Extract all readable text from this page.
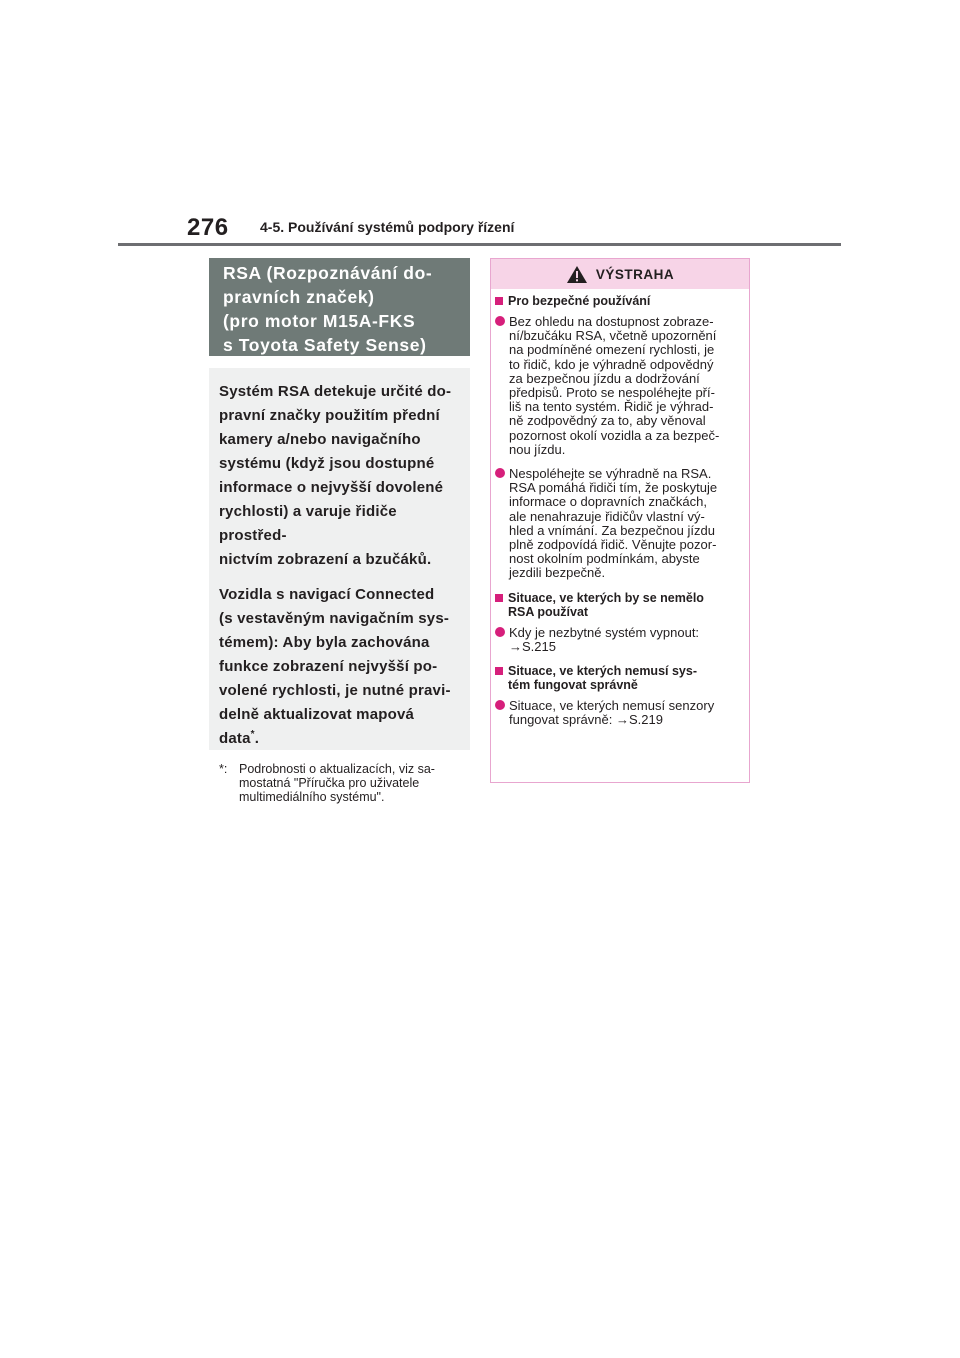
276 4-5. Používání systémů podpory řízení
RSA (Rozpoznávání do-
pravních značek)
(pro motor M15A-FKS
s Toyota Safety Sense)

Systém RSA detekuje určité do-
pravní značky použitím přední
kamery a/nebo navigačního
systému (když jsou dostupné
informace o nejvyšší dovolené
rychlosti) a varuje řidiče prostřed-
nictvím zobrazení a bzučáků.

Vozidla s navigací Connected
(s vestavěným navigačním sys-
témem): Aby byla zachována
funkce zobrazení nejvyšší po-
volené rychlosti, je nutné pravi-
delně aktualizovat mapová
data*.

*: Podrobnosti o aktualizacích, viz sa-
mostatná "Příručka pro uživatele
multimediálního systému".
VÝSTRAHA
Pro bezpečné používání
Bez ohledu na dostupnost zobraze-
ní/bzučáku RSA, včetně upozornění
na podmíněné omezení rychlosti, je
to řidič, kdo je výhradně odpovědný
za bezpečnou jízdu a dodržování
předpisů. Proto se nespoléhejte pří-
liš na tento systém. Řidič je výhrad-
ně zodpovědný za to, aby věnoval
pozornost okolí vozidla a za bezpeč-
nou jízdu.
Nespoléhejte se výhradně na RSA.
RSA pomáhá řidiči tím, že poskytuje
informace o dopravních značkách,
ale nenahrazuje řidičův vlastní vý-
hled a vnímání. Za bezpečnou jízdu
plně zodpovídá řidič. Věnujte pozor-
nost okolním podmínkám, abyste
jezdili bezpečně.
Situace, ve kterých by se nemělo
RSA používat
Kdy je nezbytné systém vypnout:
→S.215
Situace, ve kterých nemusí sys-
tém fungovat správně
Situace, ve kterých nemusí senzory
fungovat správně: →S.219
